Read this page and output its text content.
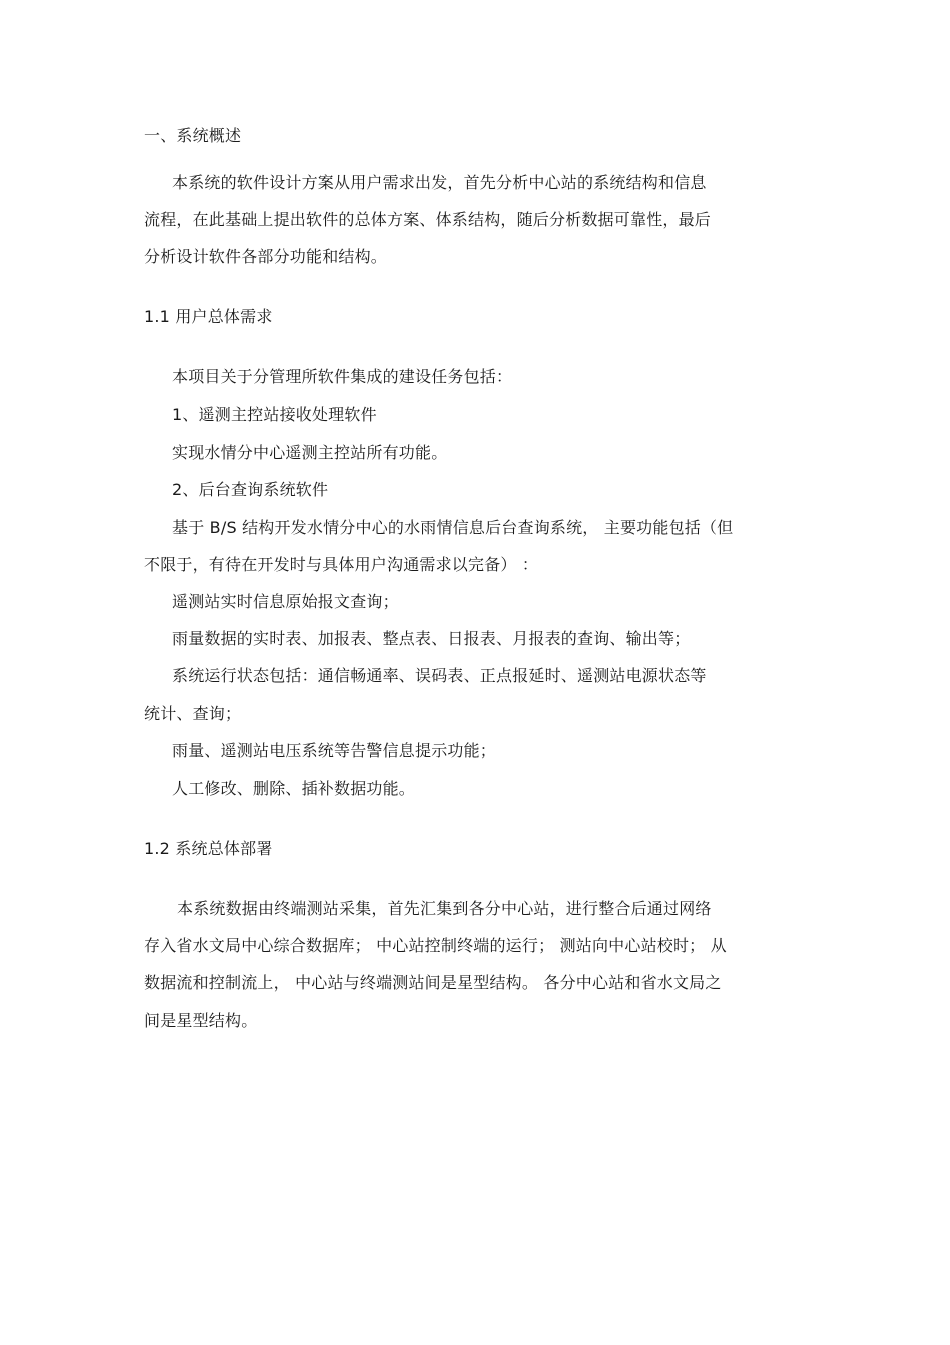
一、系统概述
本系统的软件设计方案从用户需求出发，首先分析中心站的系统结构和信息
流程，在此基础上提出软件的总体方案、体系结构，随后分析数据可靠性，最后
分析设计软件各部分功能和结构。
1.1 用户总体需求
本项目关于分管理所软件集成的建设任务包括：
1、遥测主控站接收处理软件
实现水情分中心遥测主控站所有功能。
2、后台查询系统软件
基于 B/S 结构开发水情分中心的水雨情信息后台查询系统， 主要功能包括（但
不限于，有待在开发时与具体用户沟通需求以完备） ：
遥测站实时信息原始报文查询；
雨量数据的实时表、加报表、整点表、日报表、月报表的查询、输出等；
系统运行状态包括：通信畅通率、误码表、正点报延时、遥测站电源状态等
统计、查询；
雨量、遥测站电压系统等告警信息提示功能；
人工修改、删除、插补数据功能。
1.2 系统总体部署
本系统数据由终端测站采集，首先汇集到各分中心站，进行整合后通过网络
存入省水文局中心综合数据库； 中心站控制终端的运行； 测站向中心站校时； 从
数据流和控制流上， 中心站与终端测站间是星型结构。 各分中心站和省水文局之
间是星型结构。
